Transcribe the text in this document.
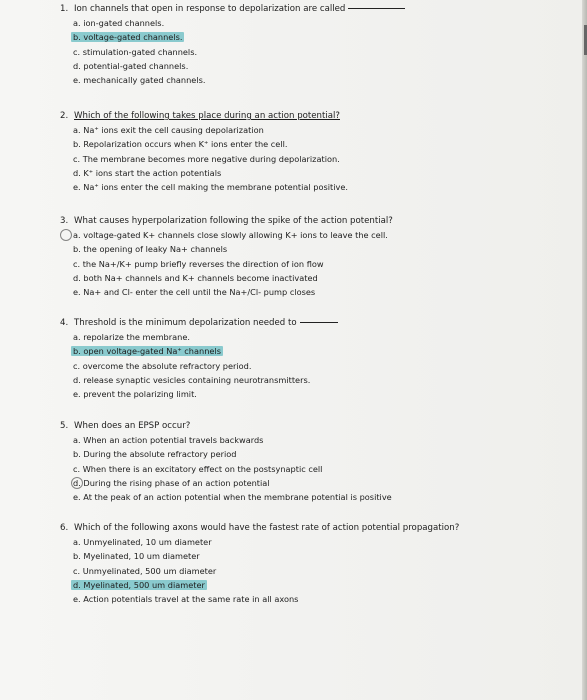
1. Ion channels that open in response to depolarization are called
a. ion-gated channels.
b. voltage-gated channels.
c. stimulation-gated channels.
d. potential-gated channels.
e. mechanically gated channels.
2. Which of the following takes place during an action potential?
a. Na⁺ ions exit the cell causing depolarization
b. Repolarization occurs when K⁺ ions enter the cell.
c. The membrane becomes more negative during depolarization.
d. K⁺ ions start the action potentials
e. Na⁺ ions enter the cell making the membrane potential positive.
3. What causes hyperpolarization following the spike of the action potential?
a. voltage-gated K+ channels close slowly allowing K+ ions to leave the cell.
b. the opening of leaky Na+ channels
c. the Na+/K+ pump briefly reverses the direction of ion flow
d. both Na+ channels and K+ channels become inactivated
e. Na+ and Cl- enter the cell until the Na+/Cl- pump closes
4. Threshold is the minimum depolarization needed to
a. repolarize the membrane.
b. open voltage-gated Na⁺ channels
c. overcome the absolute refractory period.
d. release synaptic vesicles containing neurotransmitters.
e. prevent the polarizing limit.
5. When does an EPSP occur?
a. When an action potential travels backwards
b. During the absolute refractory period
c. When there is an excitatory effect on the postsynaptic cell
d. During the rising phase of an action potential
e. At the peak of an action potential when the membrane potential is positive
6. Which of the following axons would have the fastest rate of action potential propagation?
a. Unmyelinated, 10 um diameter
b. Myelinated, 10 um diameter
c. Unmyelinated, 500 um diameter
d. Myelinated, 500 um diameter
e. Action potentials travel at the same rate in all axons
